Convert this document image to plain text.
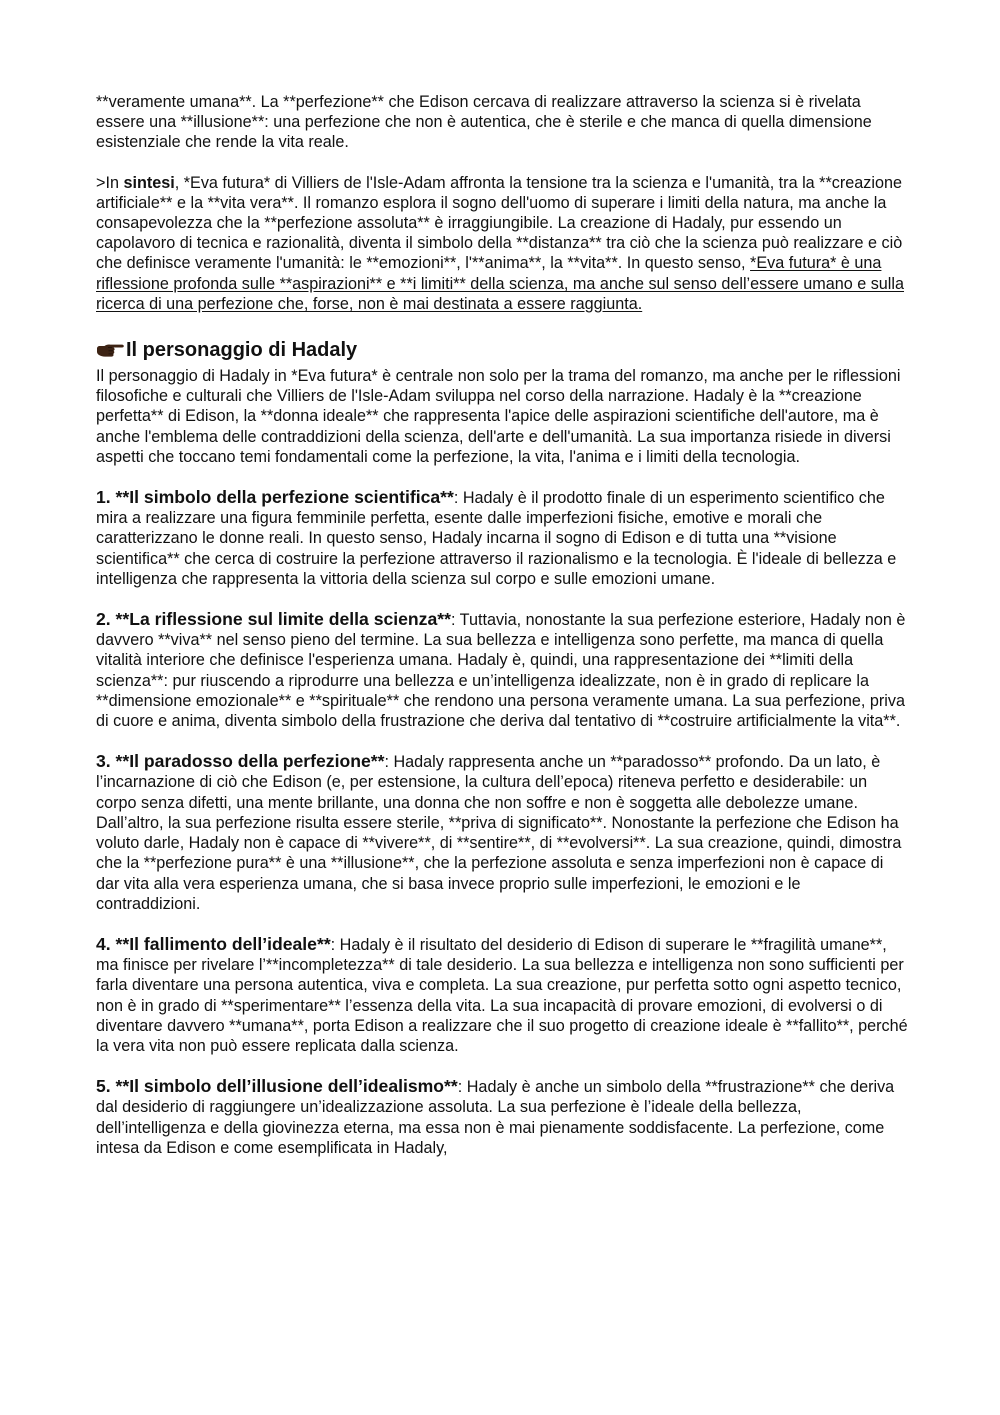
**veramente umana**. La **perfezione** che Edison cercava di realizzare attraverso la scienza si è rivelata essere una **illusione**: una perfezione che non è autentica, che è sterile e che manca di quella dimensione esistenziale che rende la vita reale.

>In sintesi, *Eva futura* di Villiers de l'Isle-Adam affronta la tensione tra la scienza e l'umanità, tra la **creazione artificiale** e la **vita vera**. Il romanzo esplora il sogno dell'uomo di superare i limiti della natura, ma anche la consapevolezza che la **perfezione assoluta** è irraggiungibile. La creazione di Hadaly, pur essendo un capolavoro di tecnica e razionalità, diventa il simbolo della **distanza** tra ciò che la scienza può realizzare e ciò che definisce veramente l'umanità: le **emozioni**, l'**anima**, la **vita**. In questo senso, *Eva futura* è una riflessione profonda sulle **aspirazioni** e **i limiti** della scienza, ma anche sul senso dell’essere umano e sulla ricerca di una perfezione che, forse, non è mai destinata a essere raggiunta.

Il personaggio di Hadaly

Il personaggio di Hadaly in *Eva futura* è centrale non solo per la trama del romanzo, ma anche per le riflessioni filosofiche e culturali che Villiers de l'Isle-Adam sviluppa nel corso della narrazione. Hadaly è la **creazione perfetta** di Edison, la **donna ideale** che rappresenta l'apice delle aspirazioni scientifiche dell'autore, ma è anche l'emblema delle contraddizioni della scienza, dell'arte e dell'umanità. La sua importanza risiede in diversi aspetti che toccano temi fondamentali come la perfezione, la vita, l'anima e i limiti della tecnologia.

1. **Il simbolo della perfezione scientifica**: Hadaly è il prodotto finale di un esperimento scientifico che mira a realizzare una figura femminile perfetta, esente dalle imperfezioni fisiche, emotive e morali che caratterizzano le donne reali. In questo senso, Hadaly incarna il sogno di Edison e di tutta una **visione scientifica** che cerca di costruire la perfezione attraverso il razionalismo e la tecnologia. È l'ideale di bellezza e intelligenza che rappresenta la vittoria della scienza sul corpo e sulle emozioni umane.

2. **La riflessione sul limite della scienza**: Tuttavia, nonostante la sua perfezione esteriore, Hadaly non è davvero **viva** nel senso pieno del termine. La sua bellezza e intelligenza sono perfette, ma manca di quella vitalità interiore che definisce l'esperienza umana. Hadaly è, quindi, una rappresentazione dei **limiti della scienza**: pur riuscendo a riprodurre una bellezza e un’intelligenza idealizzate, non è in grado di replicare la **dimensione emozionale** e **spirituale** che rendono una persona veramente umana. La sua perfezione, priva di cuore e anima, diventa simbolo della frustrazione che deriva dal tentativo di **costruire artificialmente la vita**.

3. **Il paradosso della perfezione**: Hadaly rappresenta anche un **paradosso** profondo. Da un lato, è l’incarnazione di ciò che Edison (e, per estensione, la cultura dell’epoca) riteneva perfetto e desiderabile: un corpo senza difetti, una mente brillante, una donna che non soffre e non è soggetta alle debolezze umane. Dall’altro, la sua perfezione risulta essere sterile, **priva di significato**. Nonostante la perfezione che Edison ha voluto darle, Hadaly non è capace di **vivere**, di **sentire**, di **evolversi**. La sua creazione, quindi, dimostra che la **perfezione pura** è una **illusione**, che la perfezione assoluta e senza imperfezioni non è capace di dar vita alla vera esperienza umana, che si basa invece proprio sulle imperfezioni, le emozioni e le contraddizioni.

4. **Il fallimento dell’ideale**: Hadaly è il risultato del desiderio di Edison di superare le **fragilità umane**, ma finisce per rivelare l’**incompletezza** di tale desiderio. La sua bellezza e intelligenza non sono sufficienti per farla diventare una persona autentica, viva e completa. La sua creazione, pur perfetta sotto ogni aspetto tecnico, non è in grado di **sperimentare** l’essenza della vita. La sua incapacità di provare emozioni, di evolversi o di diventare davvero **umana**, porta Edison a realizzare che il suo progetto di creazione ideale è **fallito**, perché la vera vita non può essere replicata dalla scienza.

5. **Il simbolo dell’illusione dell’idealismo**: Hadaly è anche un simbolo della **frustrazione** che deriva dal desiderio di raggiungere un’idealizzazione assoluta. La sua perfezione è l’ideale della bellezza, dell’intelligenza e della giovinezza eterna, ma essa non è mai pienamente soddisfacente. La perfezione, come intesa da Edison e come esemplificata in Hadaly,
